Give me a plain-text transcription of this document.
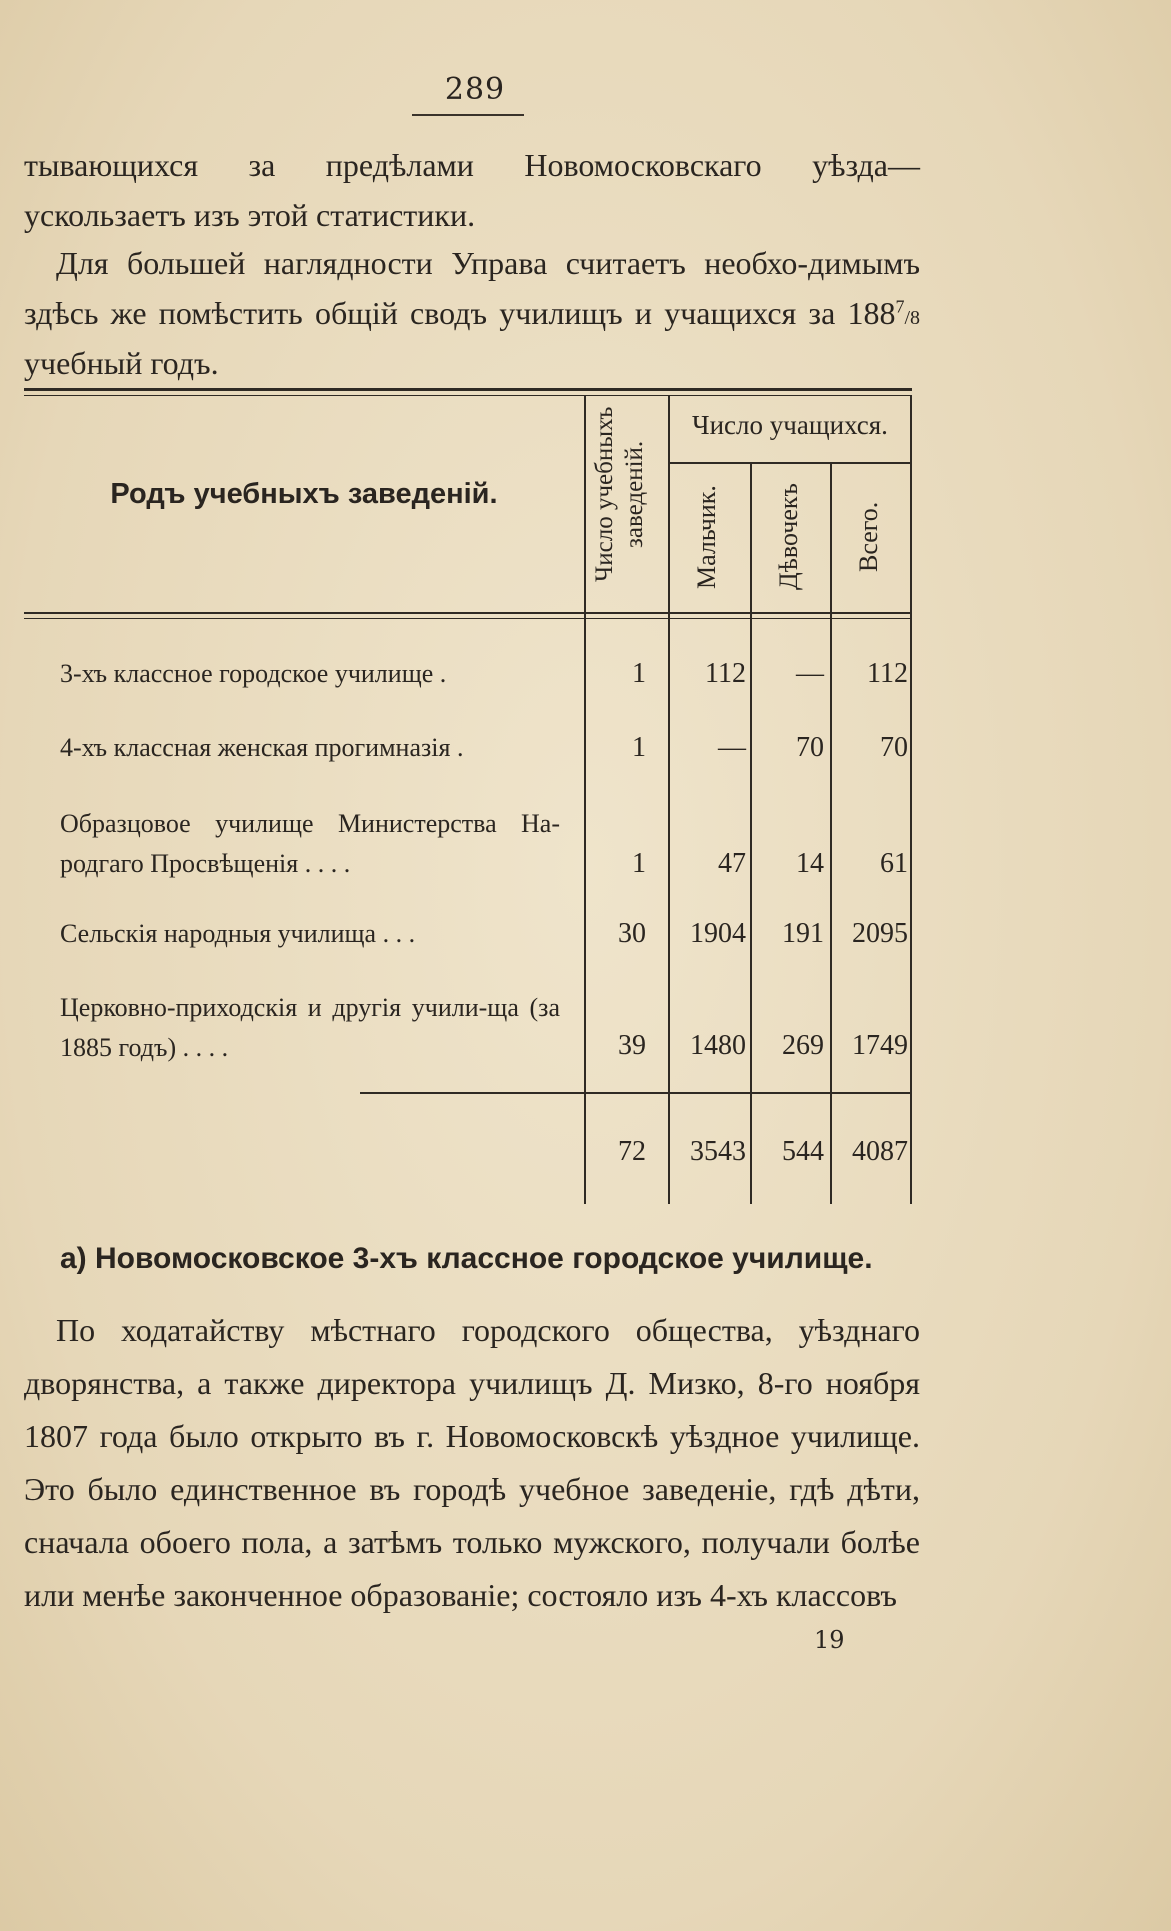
289
тывающихся за предѣлами Новомосковскаго уѣзда—
ускользаетъ изъ этой статистики.
Для большей наглядности Управа считаетъ необхо-димымъ здѣсь же помѣстить общій сводъ училищъ и учащихся за $188^7/8$ учебный годъ.
Родъ учебныхъ заведеній.	Число учебныхъ заведеній.
Число учащихся.
Мальчик. Дѣвочекъ Всего.
3-хъ классное городское училище .	1	112	—	112
4-хъ классная женская прогимназія .	1	—	70	70
Образцовое училище Министерства На-родгаго Просвѣщенія . . . .	1	47	14	61
Сельскія народныя училища . . .	30	1904	191	2095
Церковно-приходскія и другія учили-ща (за 1885 годъ) . . . .	39	1480	269	1749
72	3543	544	4087
a) Новомосковское 3-хъ классное городское училище.
По ходатайству мѣстнаго городского общества, уѣзднаго дворянства, а также директора училищъ Д. Мизко, 8-го ноября 1807 года было открыто въ г. Новомосковскѣ уѣздное училище. Это было единственное въ городѣ учебное заведеніе, гдѣ дѣти, сначала обоего пола, а затѣмъ только мужского, получали болѣе или менѣе законченное образованіе; состояло изъ 4-хъ классовъ
19
